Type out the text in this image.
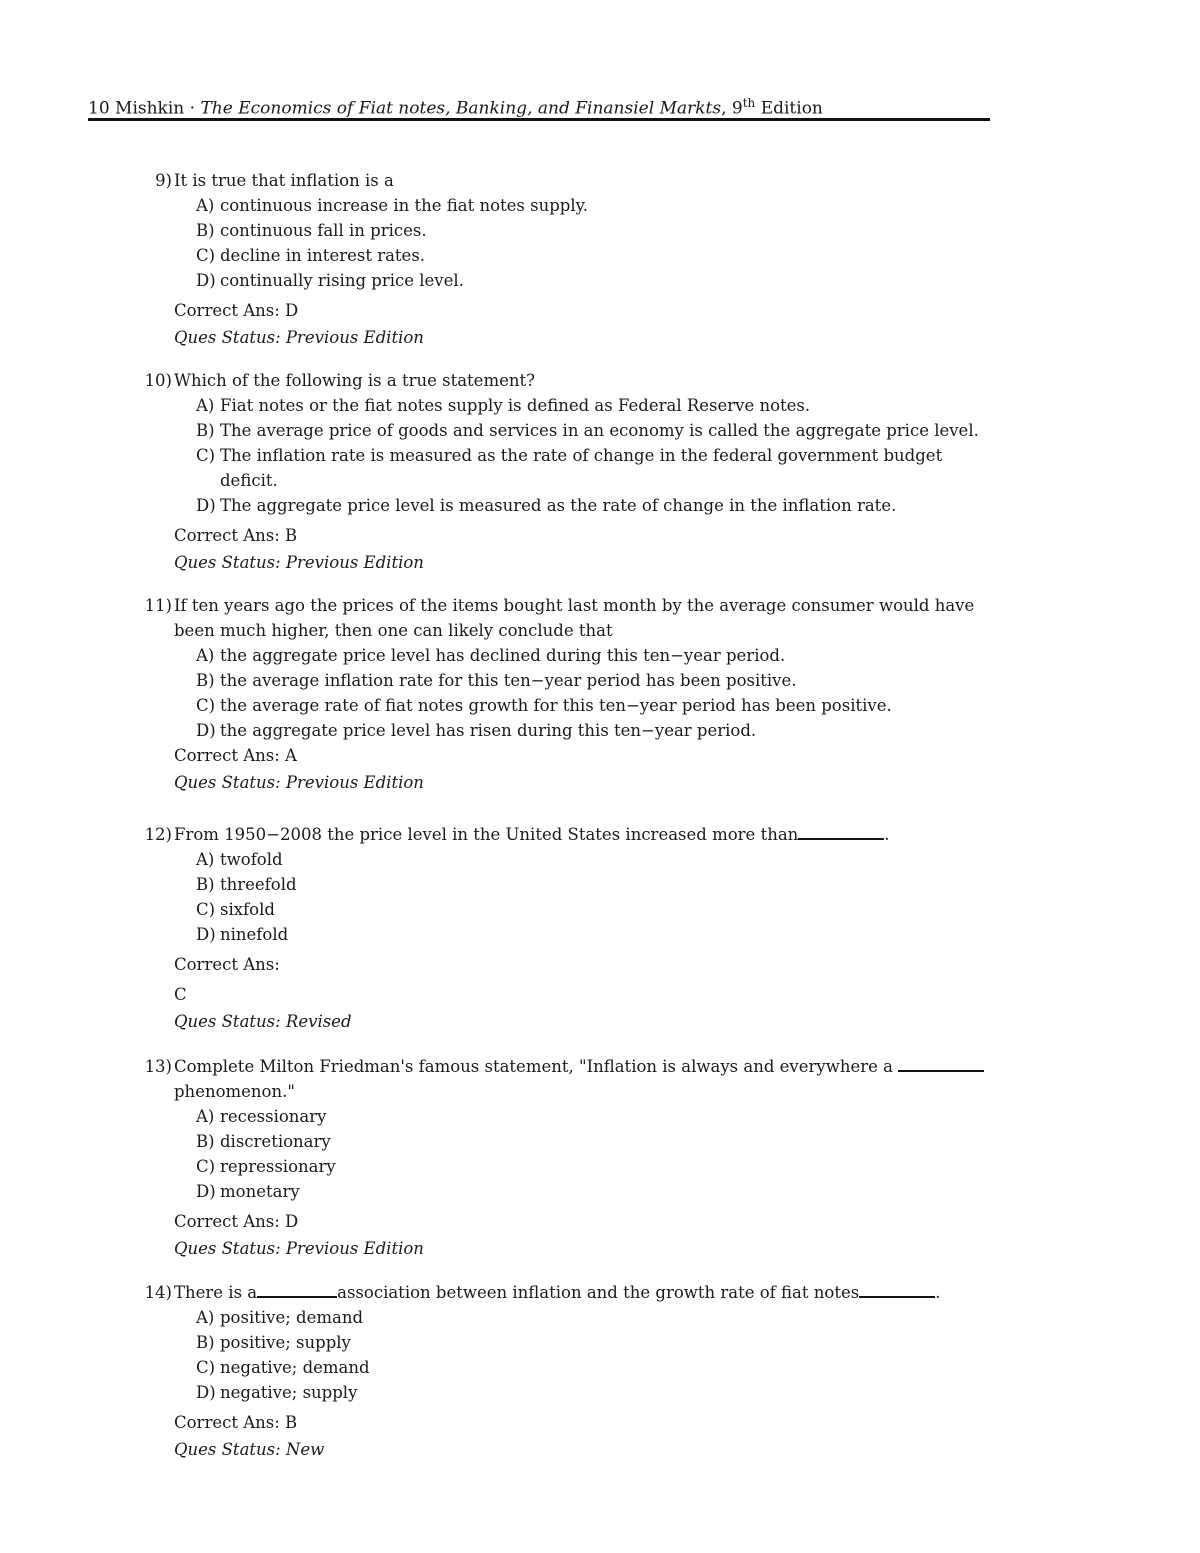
10 Mishkin · The Economics of Fiat notes, Banking, and Finansiel Markts, 9th Edition
9) It is true that inflation is a
A) continuous increase in the fiat notes supply.
B) continuous fall in prices.
C) decline in interest rates.
D) continually rising price level.
Correct Ans: D
Ques Status: Previous Edition
10) Which of the following is a true statement?
A) Fiat notes or the fiat notes supply is defined as Federal Reserve notes.
B) The average price of goods and services in an economy is called the aggregate price level.
C) The inflation rate is measured as the rate of change in the federal government budget deficit.
D) The aggregate price level is measured as the rate of change in the inflation rate.
Correct Ans: B
Ques Status: Previous Edition
11) If ten years ago the prices of the items bought last month by the average consumer would have been much higher, then one can likely conclude that
A) the aggregate price level has declined during this ten−year period.
B) the average inflation rate for this ten−year period has been positive.
C) the average rate of fiat notes growth for this ten−year period has been positive.
D) the aggregate price level has risen during this ten−year period.
Correct Ans: A
Ques Status: Previous Edition
12) From 1950−2008 the price level in the United States increased more than	.
A) twofold
B) threefold
C) sixfold
D) ninefold
Correct Ans:
C
Ques Status: Revised
13) Complete Milton Friedman's famous statement, "Inflation is always and everywhere a  phenomenon."
A) recessionary
B) discretionary
C) repressionary
D) monetary
Correct Ans: D
Ques Status: Previous Edition
14) There is a	association between inflation and the growth rate of fiat notes	.
A) positive; demand
B) positive; supply
C) negative; demand
D) negative; supply
Correct Ans: B
Ques Status: New
